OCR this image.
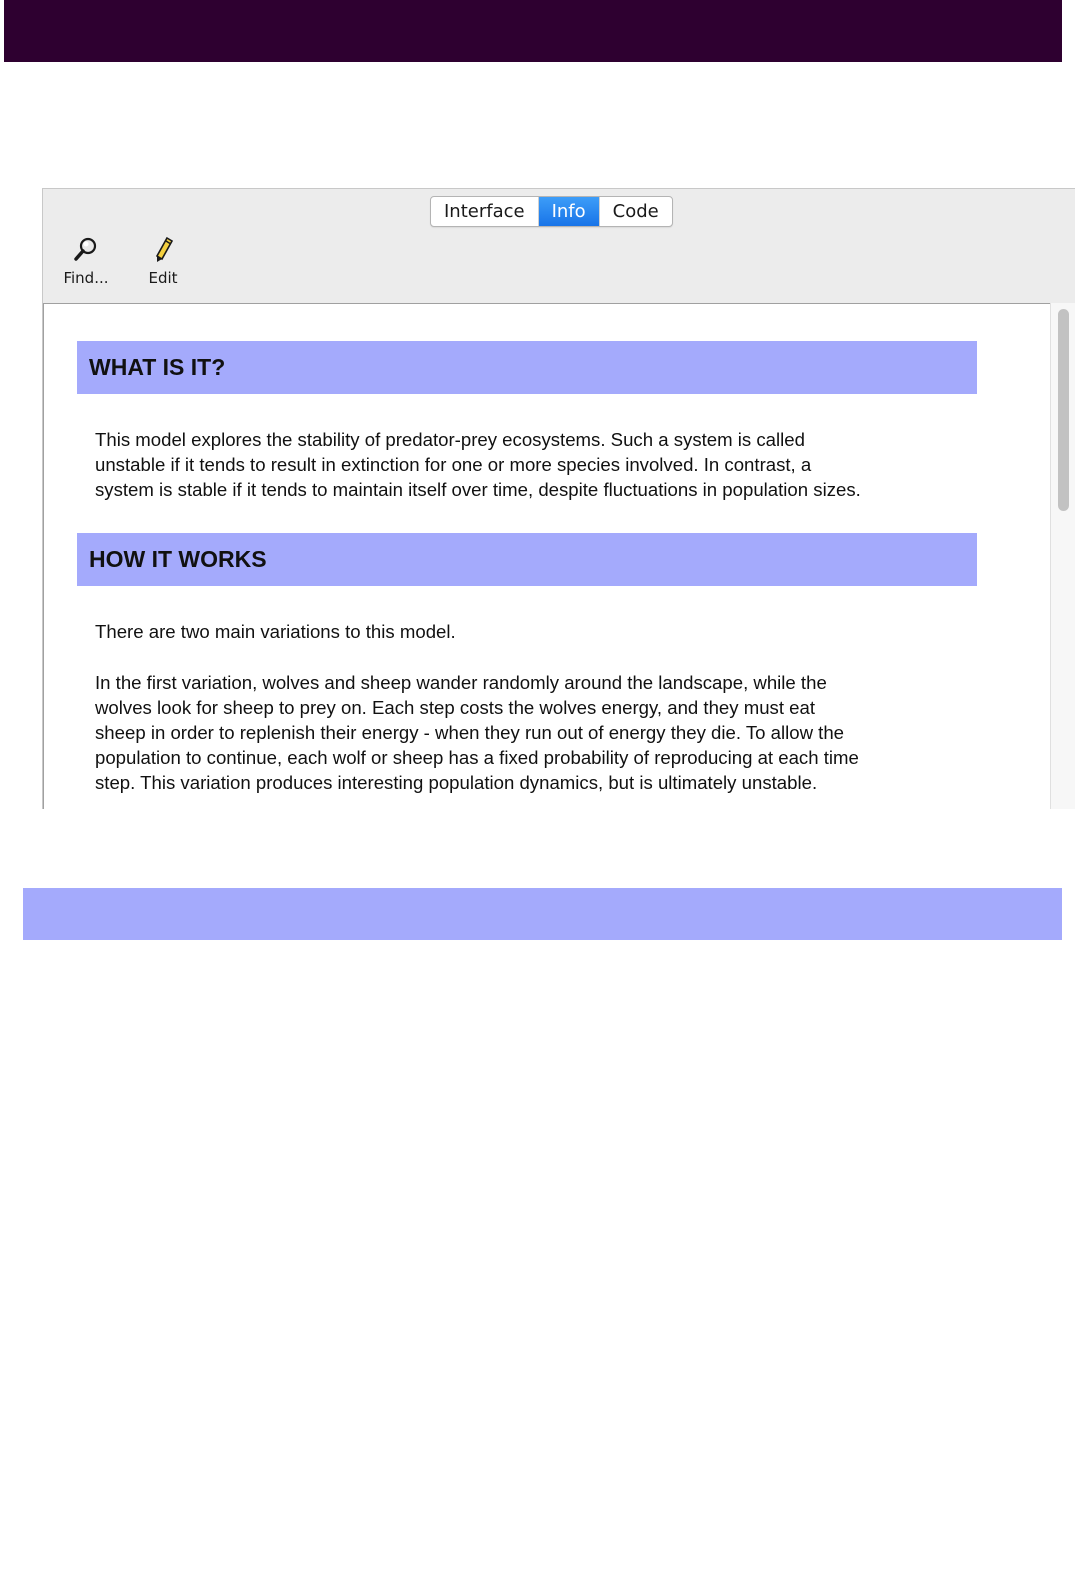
Interface	Info	Code
Find...	Edit
WHAT IS IT?
This model explores the stability of predator-prey ecosystems. Such a system is called
unstable if it tends to result in extinction for one or more species involved. In contrast, a
system is stable if it tends to maintain itself over time, despite fluctuations in population sizes.
HOW IT WORKS
There are two main variations to this model.
In the first variation, wolves and sheep wander randomly around the landscape, while the
wolves look for sheep to prey on. Each step costs the wolves energy, and they must eat
sheep in order to replenish their energy - when they run out of energy they die. To allow the
population to continue, each wolf or sheep has a fixed probability of reproducing at each time
step. This variation produces interesting population dynamics, but is ultimately unstable.
